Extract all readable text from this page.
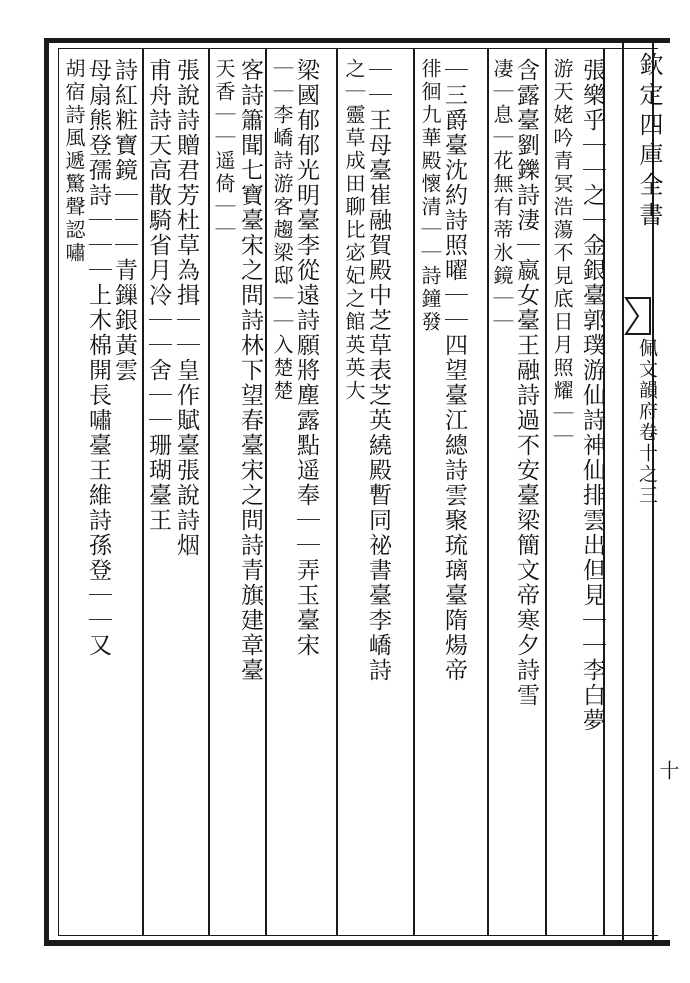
欽定四庫全書
佩文韻府卷十之三
十
張樂乎｜｜之｜金銀臺郭璞游仙詩神仙排雲出但見｜｜李白夢
游天姥吟青冥浩蕩不見底日月照耀｜｜
含露臺劉鑠詩淒｜嬴女臺王融詩過不安臺梁簡文帝寒夕詩雪
凄｜息｜花無有蒂氷鏡｜｜
｜三爵臺沈約詩照曜｜｜四望臺江總詩雲聚琉璃臺隋煬帝
徘徊九華殿懷清｜｜詩鐘發
｜｜王母臺崔融賀殿中芝草表芝英繞殿暫同祕書臺李嶠詩
之｜靈草成田聊比宓妃之館英英大
梁國郁郁光明臺李從遠詩願將塵露點遥奉｜｜弄玉臺宋
｜｜李嶠詩游客趨梁邸｜｜入楚楚
客詩簫聞七寶臺宋之問詩林下望春臺宋之問詩青旗建章臺
天香｜｜遥倚｜｜
張說詩贈君芳杜草為揖｜｜皇作賦臺張說詩烟
甫舟詩天高散騎省月冷｜｜舍｜｜珊瑚臺王
詩紅粧寶鏡｜｜｜青鏁銀黃雲
母扇熊登孺詩｜｜｜上木棉開長嘯臺王維詩孫登｜｜又
胡宿詩風遞驚聲認嘯
